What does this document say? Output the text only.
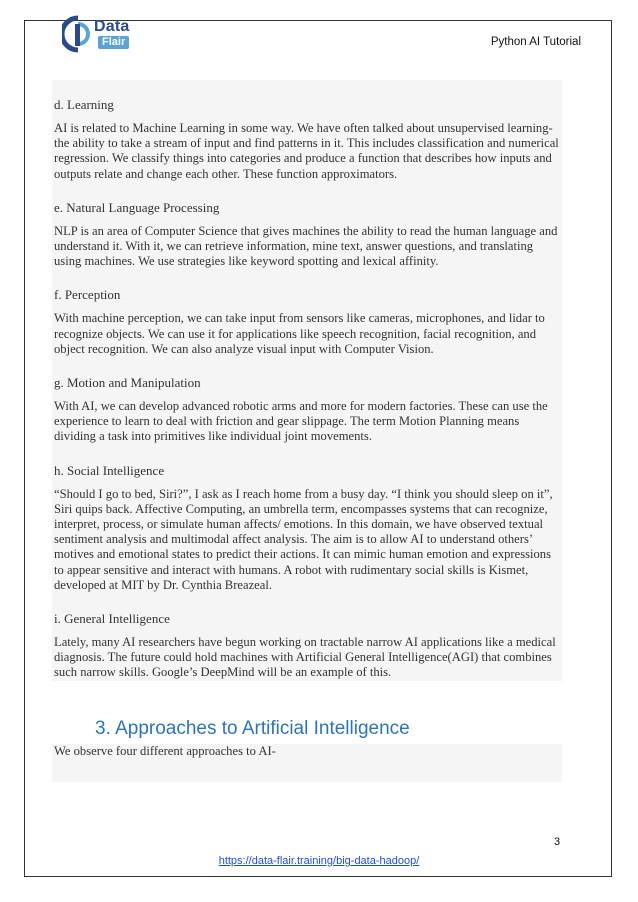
Data
Flair	Python AI Tutorial

d. Learning

AI is related to Machine Learning in some way. We have often talked about unsupervised learning- the ability to take a stream of input and find patterns in it. This includes classification and numerical regression. We classify things into categories and produce a function that describes how inputs and outputs relate and change each other. These function approximators.

e. Natural Language Processing

NLP is an area of Computer Science that gives machines the ability to read the human language and understand it. With it, we can retrieve information, mine text, answer questions, and translating using machines. We use strategies like keyword spotting and lexical affinity.

f. Perception

With machine perception, we can take input from sensors like cameras, microphones, and lidar to recognize objects. We can use it for applications like speech recognition, facial recognition, and object recognition. We can also analyze visual input with Computer Vision.

g. Motion and Manipulation

With AI, we can develop advanced robotic arms and more for modern factories. These can use the experience to learn to deal with friction and gear slippage. The term Motion Planning means dividing a task into primitives like individual joint movements.

h. Social Intelligence

“Should I go to bed, Siri?”, I ask as I reach home from a busy day. “I think you should sleep on it”, Siri quips back. Affective Computing, an umbrella term, encompasses systems that can recognize, interpret, process, or simulate human affects/ emotions. In this domain, we have observed textual sentiment analysis and multimodal affect analysis. The aim is to allow AI to understand others’ motives and emotional states to predict their actions. It can mimic human emotion and expressions to appear sensitive and interact with humans. A robot with rudimentary social skills is Kismet, developed at MIT by Dr. Cynthia Breazeal.

i. General Intelligence

Lately, many AI researchers have begun working on tractable narrow AI applications like a medical diagnosis. The future could hold machines with Artificial General Intelligence(AGI) that combines such narrow skills. Google’s DeepMind will be an example of this.

3. Approaches to Artificial Intelligence
We observe four different approaches to AI-
3
https://data-flair.training/big-data-hadoop/
